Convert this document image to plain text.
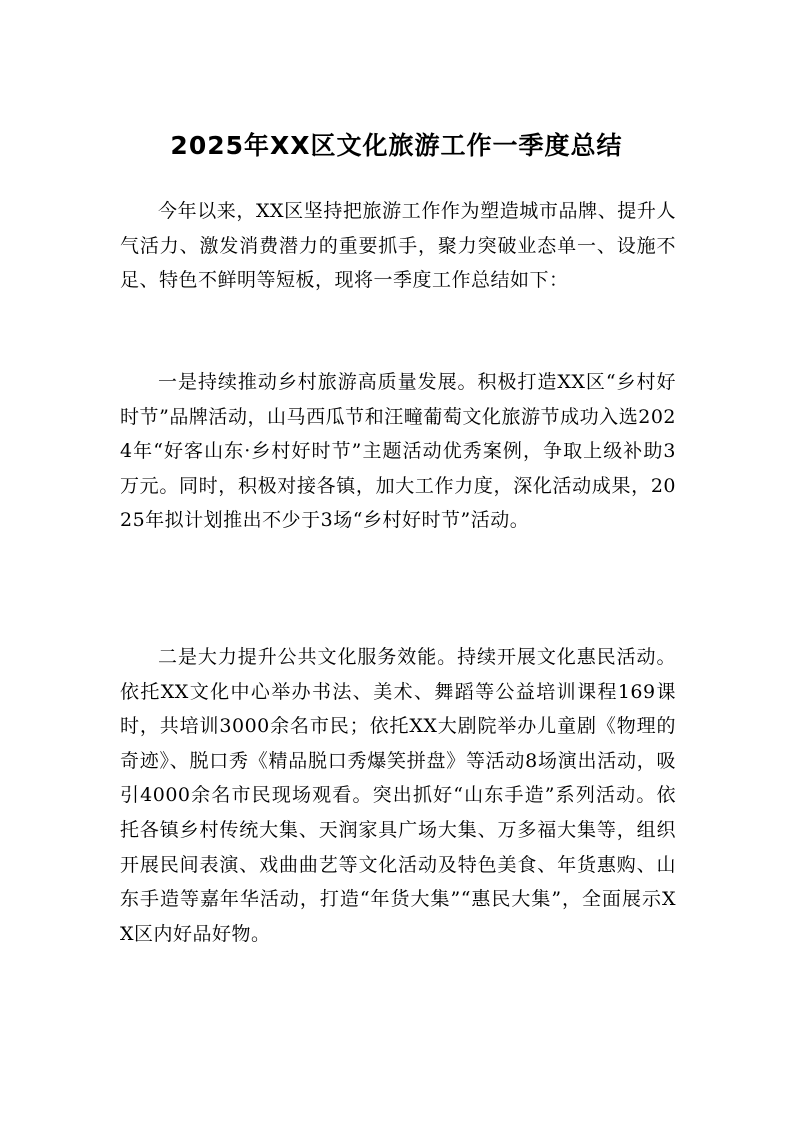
2025年XX区文化旅游工作一季度总结

今年以来，XX区坚持把旅游工作作为塑造城市品牌、提升人气活力、激发消费潜力的重要抓手，聚力突破业态单一、设施不足、特色不鲜明等短板，现将一季度工作总结如下：

一是持续推动乡村旅游高质量发展。积极打造XX区“乡村好时节”品牌活动，山马西瓜节和汪疃葡萄文化旅游节成功入选2024年“好客山东·乡村好时节”主题活动优秀案例，争取上级补助3万元。同时，积极对接各镇，加大工作力度，深化活动成果，2025年拟计划推出不少于3场“乡村好时节”活动。

二是大力提升公共文化服务效能。持续开展文化惠民活动。依托XX文化中心举办书法、美术、舞蹈等公益培训课程169课时，共培训3000余名市民；依托XX大剧院举办儿童剧《物理的奇迹》、脱口秀《精品脱口秀爆笑拼盘》等活动8场演出活动，吸引4000余名市民现场观看。突出抓好“山东手造”系列活动。依托各镇乡村传统大集、天润家具广场大集、万多福大集等，组织开展民间表演、戏曲曲艺等文化活动及特色美食、年货惠购、山东手造等嘉年华活动，打造“年货大集”“惠民大集”，全面展示XX区内好品好物。
